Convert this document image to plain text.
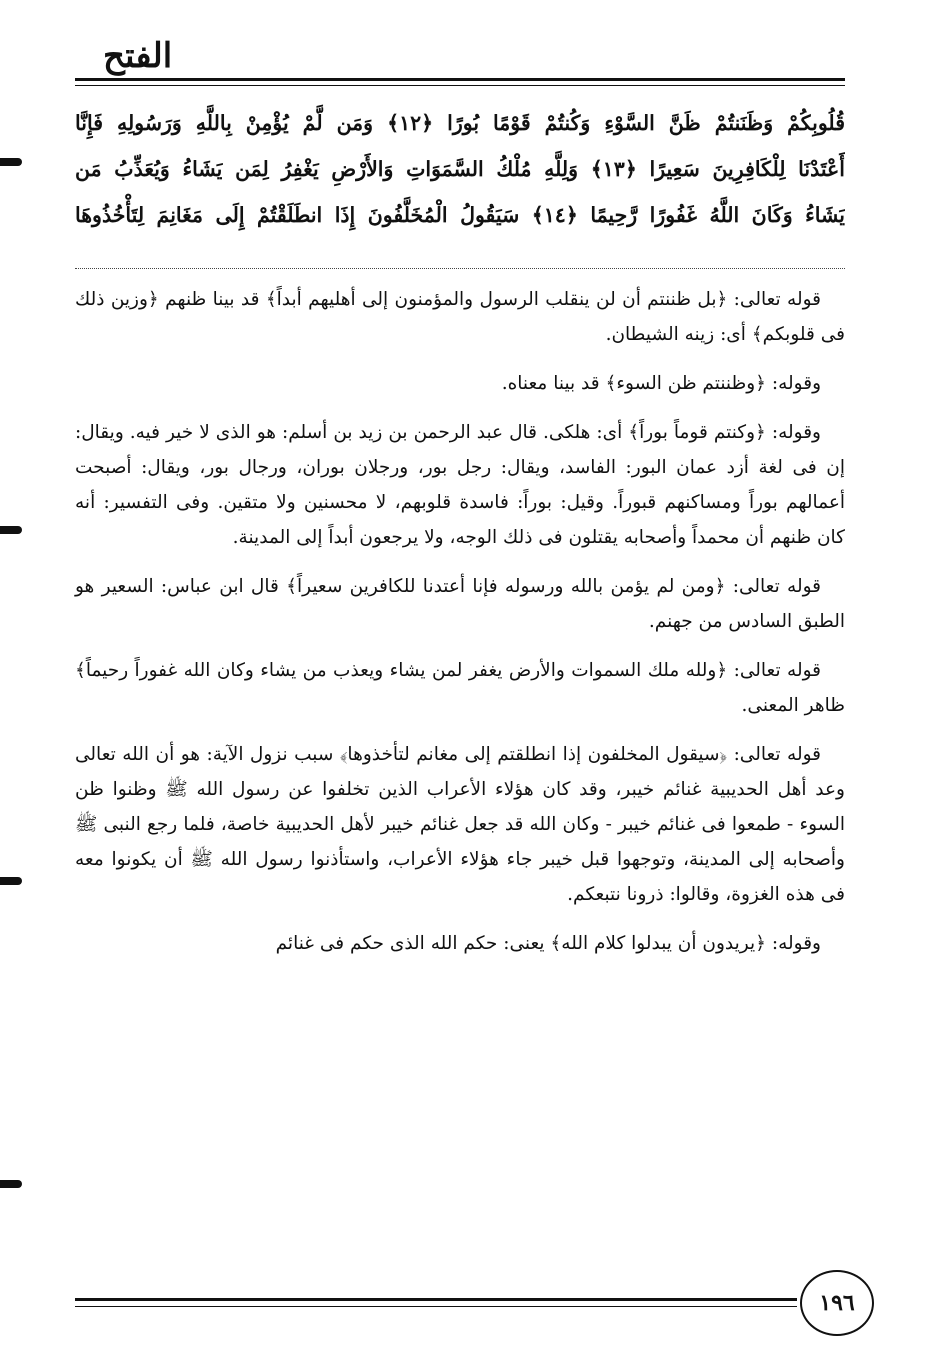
الفتح
قُلُوبِكُمْ وَظَنَنتُمْ ظَنَّ السَّوْءِ وَكُنتُمْ قَوْمًا بُورًا ﴿١٢﴾ وَمَن لَّمْ يُؤْمِنْ بِاللَّهِ وَرَسُولِهِ فَإِنَّا
أَعْتَدْنَا لِلْكَافِرِينَ سَعِيرًا ﴿١٣﴾ وَلِلَّهِ مُلْكُ السَّمَوَاتِ وَالأَرْضِ يَغْفِرُ لِمَن يَشَاءُ وَيُعَذِّبُ مَن
يَشَاءُ وَكَانَ اللَّهُ غَفُورًا رَّحِيمًا ﴿١٤﴾ سَيَقُولُ الْمُخَلَّفُونَ إِذَا انطَلَقْتُمْ إِلَى مَغَانِمَ لِتَأْخُذُوهَا

قوله تعالى: ﴿بل ظننتم أن لن ينقلب الرسول والمؤمنون إلى أهليهم أبداً﴾ قد بينا ظنهم ﴿وزين ذلك فى قلوبكم﴾ أى: زينه الشيطان.

وقوله: ﴿وظننتم ظن السوء﴾ قد بينا معناه.

وقوله: ﴿وكنتم قوماً بوراً﴾ أى: هلكى. قال عبد الرحمن بن زيد بن أسلم: هو الذى لا خير فيه. ويقال: إن فى لغة أزد عمان البور: الفاسد، ويقال: رجل بور، ورجلان بوران، ورجال بور، ويقال: أصبحت أعمالهم بوراً ومساكنهم قبوراً. وقيل: بوراً: فاسدة قلوبهم، لا محسنين ولا متقين. وفى التفسير: أنه كان ظنهم أن محمداً وأصحابه يقتلون فى ذلك الوجه، ولا يرجعون أبداً إلى المدينة.

قوله تعالى: ﴿ومن لم يؤمن بالله ورسوله فإنا أعتدنا للكافرين سعيراً﴾ قال ابن عباس: السعير هو الطبق السادس من جهنم.

قوله تعالى: ﴿ولله ملك السموات والأرض يغفر لمن يشاء ويعذب من يشاء وكان الله غفوراً رحيماً﴾ ظاهر المعنى.

قوله تعالى: ﴿سيقول المخلفون إذا انطلقتم إلى مغانم لتأخذوها﴾ سبب نزول الآية: هو أن الله تعالى وعد أهل الحديبية غنائم خيبر، وقد كان هؤلاء الأعراب الذين تخلفوا عن رسول الله ﷺ وظنوا ظن السوء - طمعوا فى غنائم خيبر - وكان الله قد جعل غنائم خيبر لأهل الحديبية خاصة، فلما رجع النبى ﷺ وأصحابه إلى المدينة، وتوجهوا قبل خيبر جاء هؤلاء الأعراب، واستأذنوا رسول الله ﷺ أن يكونوا معه فى هذه الغزوة، وقالوا: ذرونا نتبعكم.

وقوله: ﴿يريدون أن يبدلوا كلام الله﴾ يعنى: حكم الله الذى حكم فى غنائم

١٩٦
